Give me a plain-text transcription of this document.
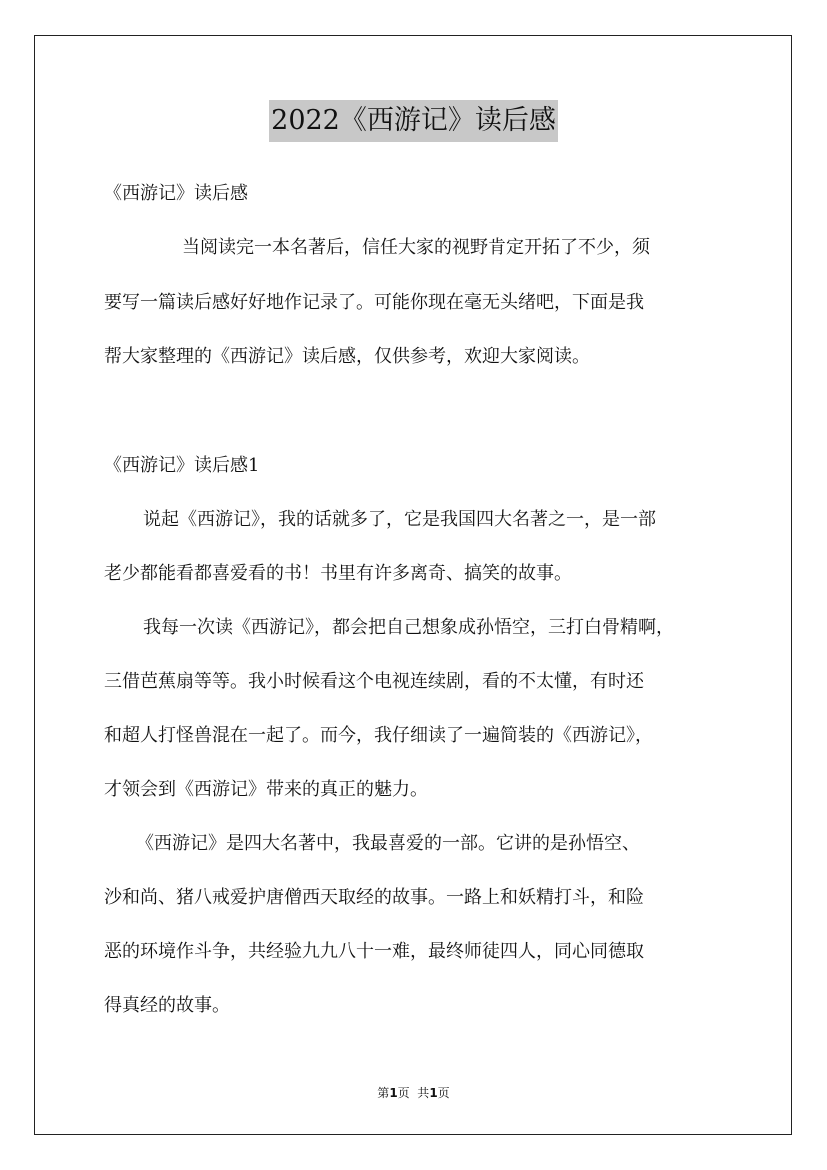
2022《西游记》读后感
《西游记》读后感
当阅读完一本名著后，信任大家的视野肯定开拓了不少，须
要写一篇读后感好好地作记录了。可能你现在毫无头绪吧，下面是我
帮大家整理的《西游记》读后感，仅供参考，欢迎大家阅读。
《西游记》读后感1
说起《西游记》，我的话就多了，它是我国四大名著之一，是一部
老少都能看都喜爱看的书！书里有许多离奇、搞笑的故事。
我每一次读《西游记》，都会把自己想象成孙悟空，三打白骨精啊，
三借芭蕉扇等等。我小时候看这个电视连续剧，看的不太懂，有时还
和超人打怪兽混在一起了。而今，我仔细读了一遍简装的《西游记》，
才领会到《西游记》带来的真正的魅力。
《西游记》是四大名著中，我最喜爱的一部。它讲的是孙悟空、
沙和尚、猪八戒爱护唐僧西天取经的故事。一路上和妖精打斗，和险
恶的环境作斗争，共经验九九八十一难，最终师徒四人，同心同德取
得真经的故事。
第1页  共1页
